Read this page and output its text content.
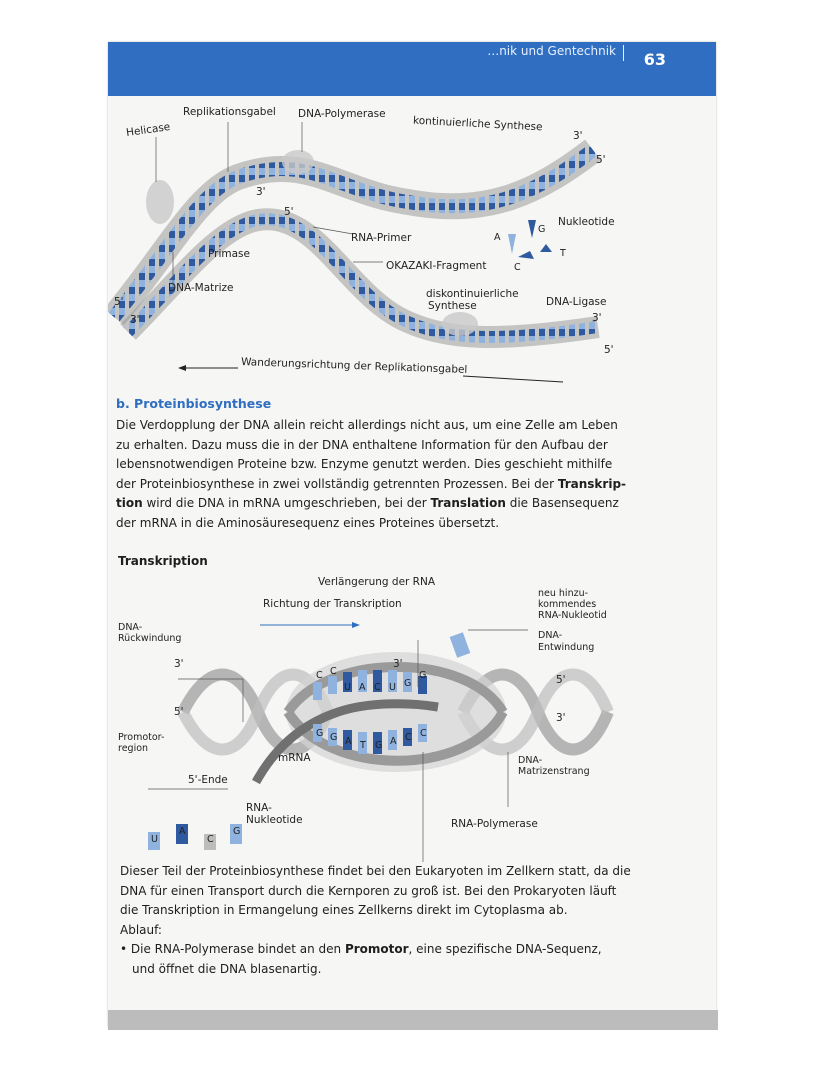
…nik und Gentechnik 63
Helicase
Replikationsgabel DNA-Polymerase
kontinuierliche Synthese
3'
5'
3'
5'
Nukleotide
A
G
C
T
RNA-Primer
Primase
OKAZAKI-Fragment
DNA-Matrize	diskontinuierliche
Synthese	DNA-Ligase
5'
3'	3'
5'
Wanderungsrichtung der Replikationsgabel
b. Proteinbiosynthese
Die Verdopplung der DNA allein reicht allerdings nicht aus, um eine Zelle am Leben
zu erhalten. Dazu muss die in der DNA enthaltene Information für den Aufbau der
lebensnotwendigen Proteine bzw. Enzyme genutzt werden. Dies geschieht mithilfe
der Proteinbiosynthese in zwei vollständig getrennten Prozessen. Bei der Transkrip-
tion wird die DNA in mRNA umgeschrieben, bei der Translation die Basensequenz
der mRNA in die Aminosäuresequenz eines Proteines übersetzt.
Transkription
Verlängerung der RNA
Richtung der Transkription
neu hinzu-
kommendes
RNA-Nukleotid
DNA-
Rückwindung	DNA-
Entwindung
3'	3'
5'
5'	3'
Promotor-
region
mRNA
5'-Ende
DNA-
Matrizenstrang
RNA-
Nukleotide	RNA-Polymerase
C C
U A C U G
G
G G A T G A C C
U
A
C
G
Dieser Teil der Proteinbiosynthese findet bei den Eukaryoten im Zellkern statt, da die
DNA für einen Transport durch die Kernporen zu groß ist. Bei den Prokaryoten läuft
die Transkription in Ermangelung eines Zellkerns direkt im Cytoplasma ab.
Ablauf:
• Die RNA-Polymerase bindet an den Promotor, eine spezifische DNA-Sequenz,
und öffnet die DNA blasenartig.
